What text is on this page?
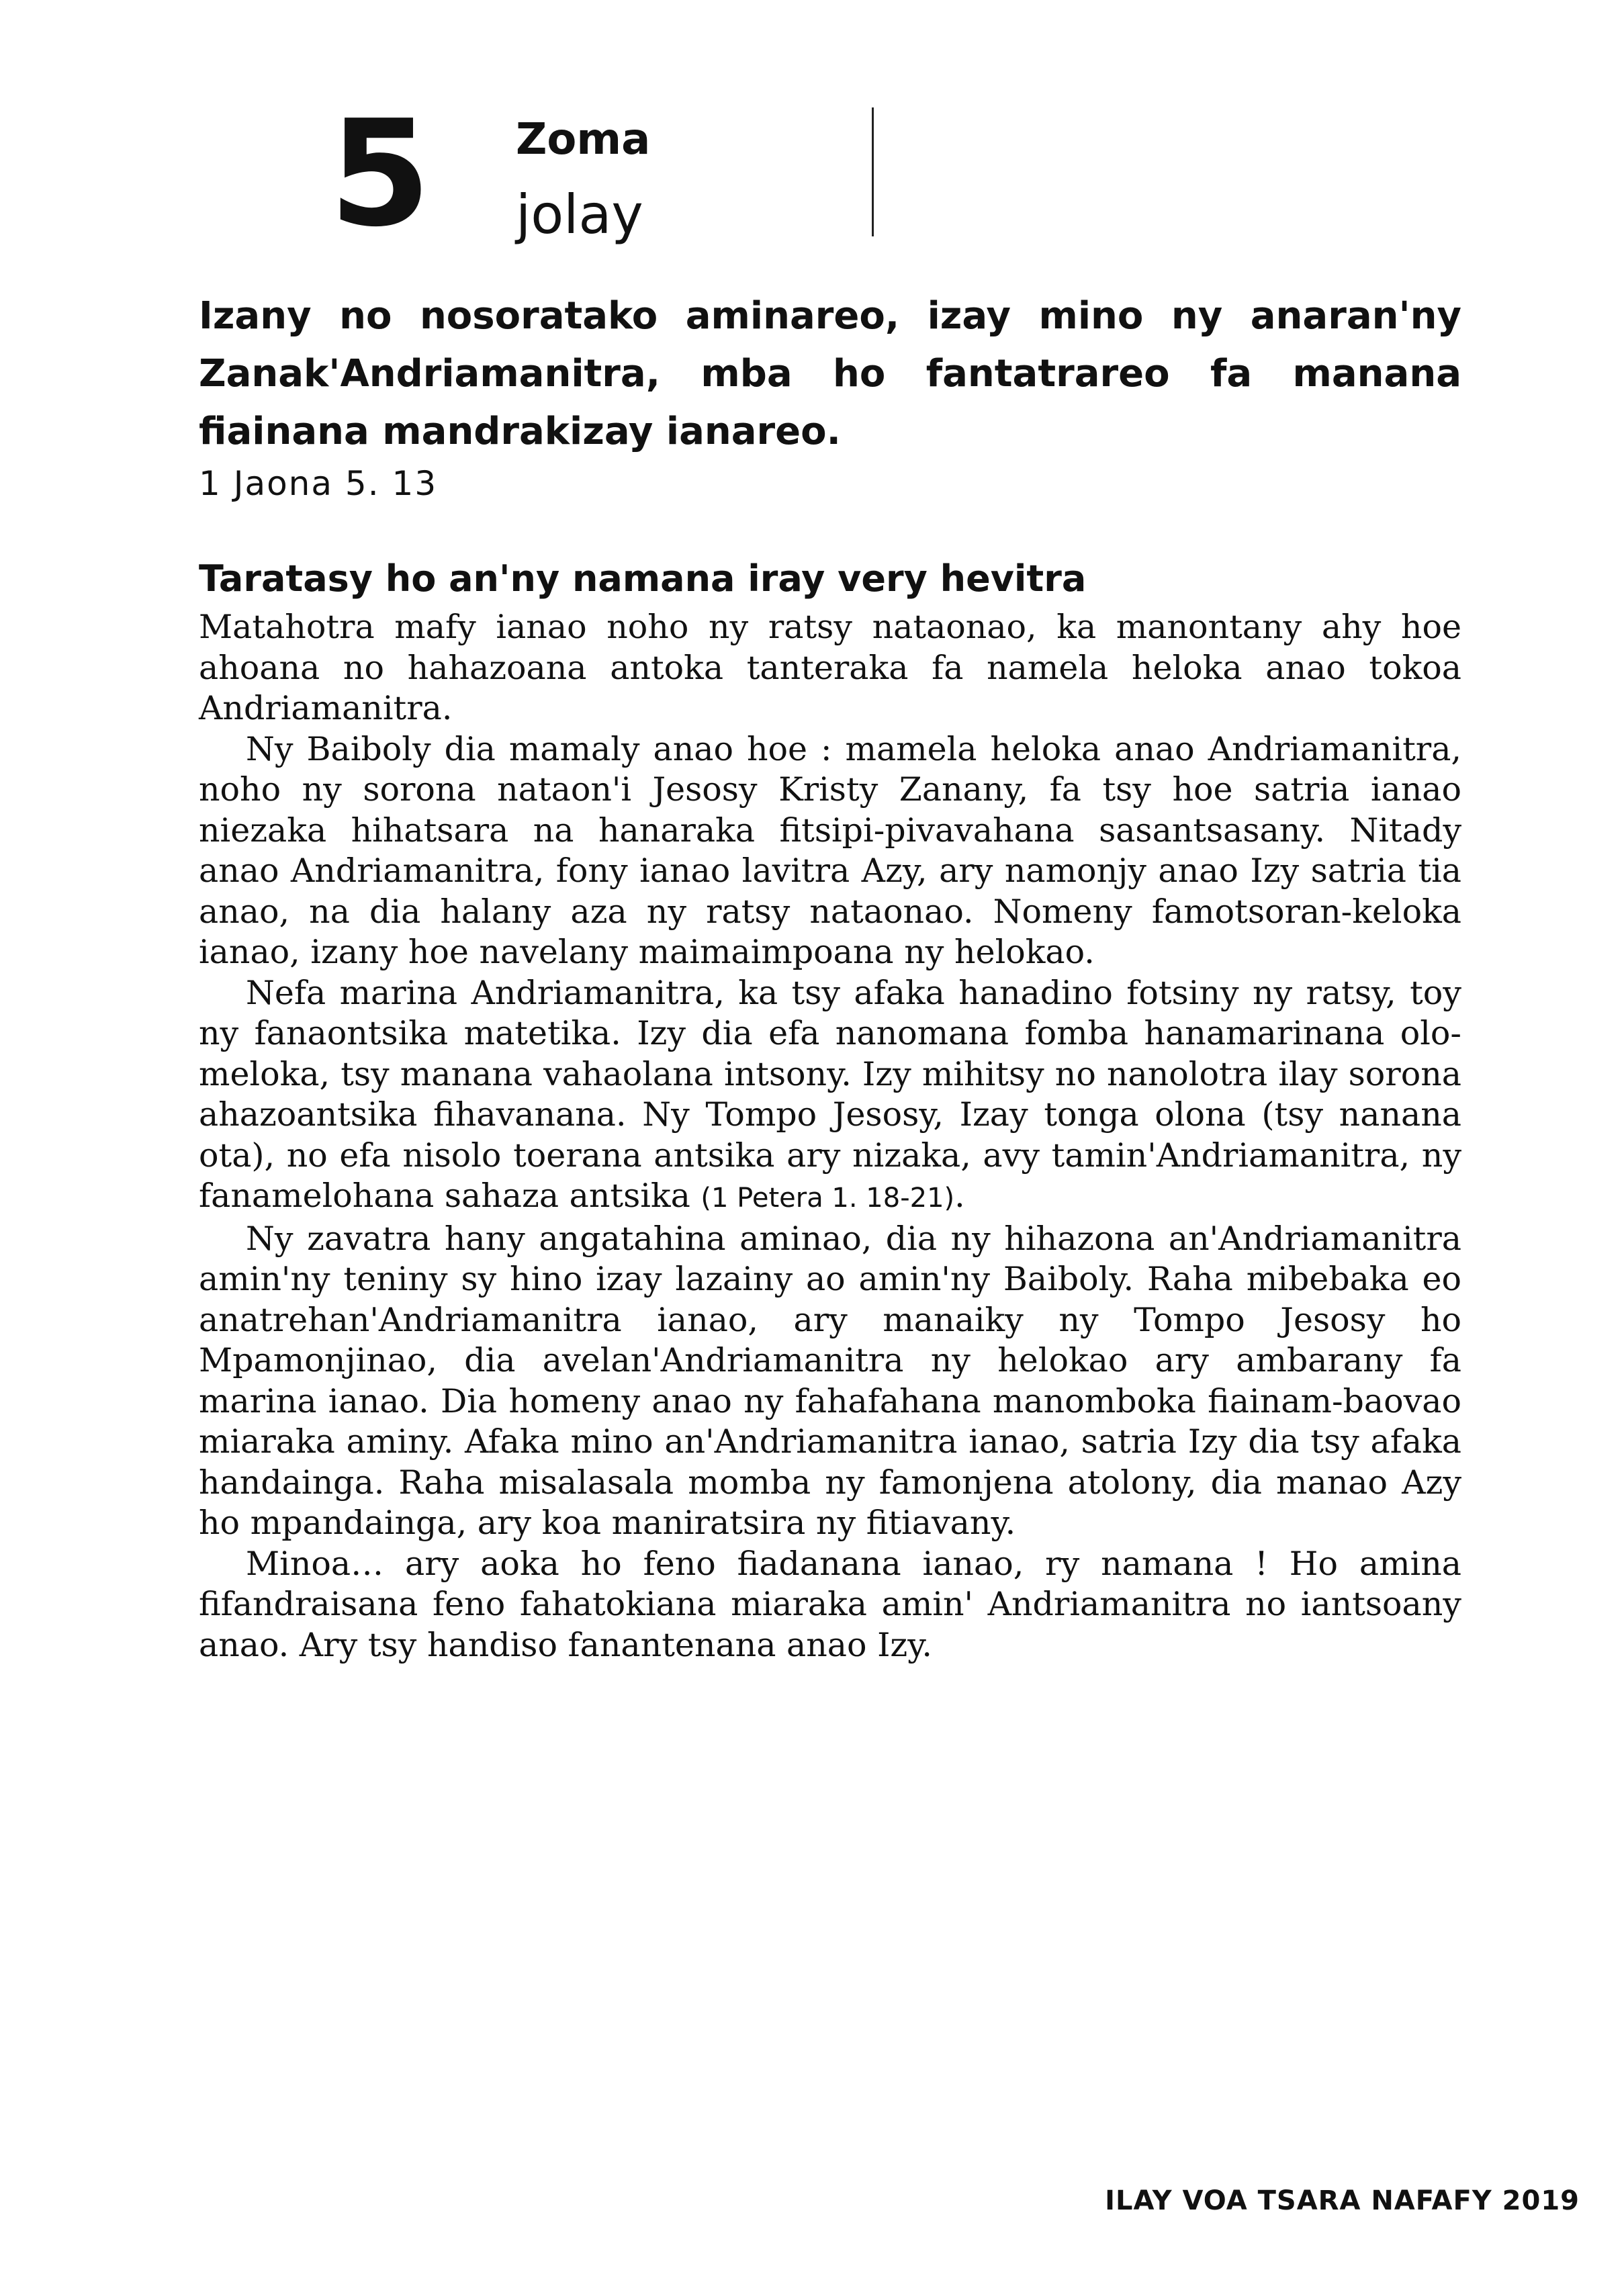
5 Zoma
jolay
Izany no nosoratako aminareo, izay mino ny anaran'ny Zanak'Andriamanitra, mba ho fantatrareo fa manana fiainana mandrakizay ianareo.
1 Jaona 5. 13
Taratasy ho an'ny namana iray very hevitra

Matahotra mafy ianao noho ny ratsy nataonao, ka manontany ahy hoe ahoana no hahazoana antoka tanteraka fa namela heloka anao tokoa Andriamanitra.

Ny Baiboly dia mamaly anao hoe : mamela heloka anao Andriamanitra, noho ny sorona nataon'i Jesosy Kristy Zanany, fa tsy hoe satria ianao niezaka hihatsara na hanaraka fitsipi-pivavahana sasantsasany. Nitady anao Andriamanitra, fony ianao lavitra Azy, ary namonjy anao Izy satria tia anao, na dia halany aza ny ratsy nataonao. Nomeny famotsoran-keloka ianao, izany hoe navelany maimaimpoana ny helokao.

Nefa marina Andriamanitra, ka tsy afaka hanadino fotsiny ny ratsy, toy ny fanaontsika matetika. Izy dia efa nanomana fomba hanamarinana olo-meloka, tsy manana vahaolana intsony. Izy mihitsy no nanolotra ilay sorona ahazoantsika fihavanana. Ny Tompo Jesosy, Izay tonga olona (tsy nanana ota), no efa nisolo toerana antsika ary nizaka, avy tamin'Andriamanitra, ny fanamelohana sahaza antsika (1 Petera 1. 18-21).

Ny zavatra hany angatahina aminao, dia ny hihazona an'Andriamanitra amin'ny teniny sy hino izay lazainy ao amin'ny Baiboly. Raha mibebaka eo anatrehan'Andriamanitra ianao, ary manaiky ny Tompo Jesosy ho Mpamonjinao, dia avelan'Andriamanitra ny helokao ary ambarany fa marina ianao. Dia homeny anao ny fahafahana manomboka fiainam-baovao miaraka aminy. Afaka mino an'Andriamanitra ianao, satria Izy dia tsy afaka handainga. Raha misalasala momba ny famonjena atolony, dia manao Azy ho mpandainga, ary koa maniratsira ny fitiavany.

Minoa… ary aoka ho feno fiadanana ianao, ry namana ! Ho amina fifandraisana feno fahatokiana miaraka amin' Andriamanitra no iantsoany anao. Ary tsy handiso fanantenana anao Izy.

ILAY VOA TSARA NAFAFY 2019
